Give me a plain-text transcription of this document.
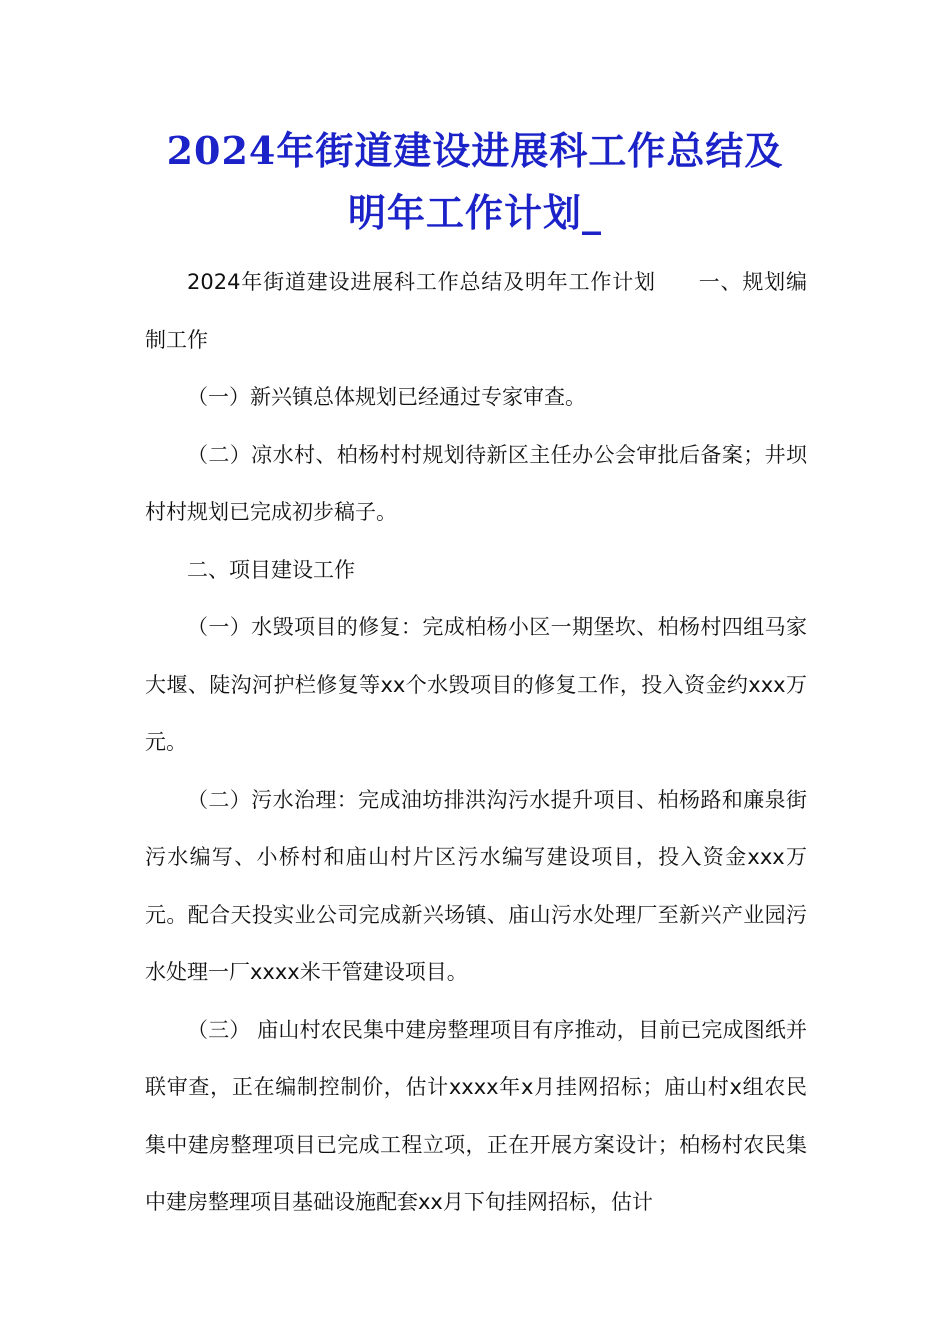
2024年街道建设进展科工作总结及
明年工作计划_

2024年街道建设进展科工作总结及明年工作计划 一、规划编制工作

（一）新兴镇总体规划已经通过专家审查。

（二）凉水村、柏杨村村规划待新区主任办公会审批后备案；井坝村村规划已完成初步稿子。

二、项目建设工作

（一）水毁项目的修复：完成柏杨小区一期堡坎、柏杨村四组马家大堰、陡沟河护栏修复等xx个水毁项目的修复工作，投入资金约xxx万元。

（二）污水治理：完成油坊排洪沟污水提升项目、柏杨路和廉泉街污水编写、小桥村和庙山村片区污水编写建设项目，投入资金xxx万元。配合天投实业公司完成新兴场镇、庙山污水处理厂至新兴产业园污水处理一厂xxxx米干管建设项目。

（三） 庙山村农民集中建房整理项目有序推动，目前已完成图纸并联审查，正在编制控制价，估计xxxx年x月挂网招标；庙山村x组农民集中建房整理项目已完成工程立项，正在开展方案设计；柏杨村农民集中建房整理项目基础设施配套xx月下旬挂网招标，估计
